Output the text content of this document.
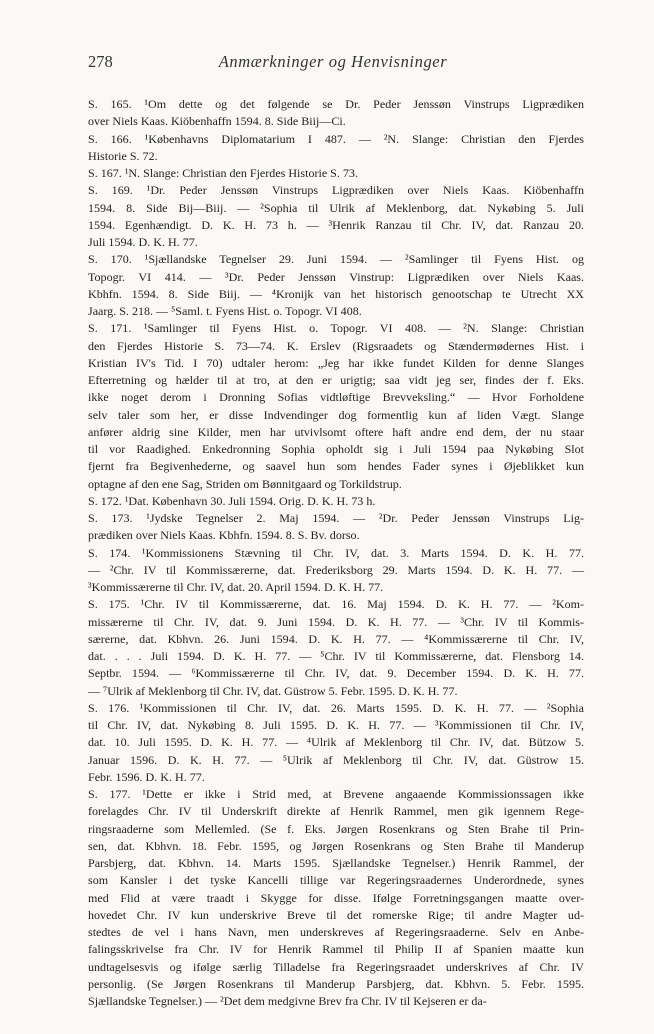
278	Anmærkninger og Henvisninger
S. 165. ¹Om dette og det følgende se Dr. Peder Jenssøn Vinstrups Ligprædiken
over Niels Kaas. Kiöbenhaffn 1594. 8. Side Biij—Ci.
S. 166. ¹Københavns Diplomatarium I 487. — ²N. Slange: Christian den Fjerdes
Historie S. 72.
S. 167. ¹N. Slange: Christian den Fjerdes Historie S. 73.
S. 169. ¹Dr. Peder Jenssøn Vinstrups Ligprædiken over Niels Kaas. Kiöbenhaffn
1594. 8. Side Bij—Biij. — ²Sophia til Ulrik af Meklenborg, dat. Nykøbing 5. Juli
1594. Egenhændigt. D. K. H. 73 h. — ³Henrik Ranzau til Chr. IV, dat. Ranzau 20.
Juli 1594. D. K. H. 77.
S. 170. ¹Sjællandske Tegnelser 29. Juni 1594. — ²Samlinger til Fyens Hist. og
Topogr. VI 414. — ³Dr. Peder Jenssøn Vinstrup: Ligprædiken over Niels Kaas.
Kbhfn. 1594. 8. Side Biij. — ⁴Kronijk van het historisch genootschap te Utrecht XX
Jaarg. S. 218. — ⁵Saml. t. Fyens Hist. o. Topogr. VI 408.
S. 171. ¹Samlinger til Fyens Hist. o. Topogr. VI 408. — ²N. Slange: Christian
den Fjerdes Historie S. 73—74. K. Erslev (Rigsraadets og Stændermødernes Hist. i
Kristian IV's Tid. I 70) udtaler herom: „Jeg har ikke fundet Kilden for denne Slanges
Efterretning og hælder til at tro, at den er urigtig; saa vidt jeg ser, findes der f. Eks.
ikke noget derom i Dronning Sofias vidtløftige Brevveksling.“ — Hvor Forholdene
selv taler som her, er disse Indvendinger dog formentlig kun af liden Vægt. Slange
anfører aldrig sine Kilder, men har utvivlsomt oftere haft andre end dem, der nu staar
til vor Raadighed. Enkedronning Sophia opholdt sig i Juli 1594 paa Nykøbing Slot
fjernt fra Begivenhederne, og saavel hun som hendes Fader synes i Øjeblikket kun
optagne af den ene Sag, Striden om Bønnitgaard og Torkildstrup.
S. 172. ¹Dat. København 30. Juli 1594. Orig. D. K. H. 73 h.
S. 173. ¹Jydske Tegnelser 2. Maj 1594. — ²Dr. Peder Jenssøn Vinstrups Lig-
prædiken over Niels Kaas. Kbhfn. 1594. 8. S. Bv. dorso.
S. 174. ¹Kommissionens Stævning til Chr. IV, dat. 3. Marts 1594. D. K. H. 77.
— ²Chr. IV til Kommissærerne, dat. Frederiksborg 29. Marts 1594. D. K. H. 77. —
³Kommissærerne til Chr. IV, dat. 20. April 1594. D. K. H. 77.
S. 175. ¹Chr. IV til Kommissærerne, dat. 16. Maj 1594. D. K. H. 77. — ²Kom-
missærerne til Chr. IV, dat. 9. Juni 1594. D. K. H. 77. — ³Chr. IV til Kommis-
særerne, dat. Kbhvn. 26. Juni 1594. D. K. H. 77. — ⁴Kommissærerne til Chr. IV,
dat. . . . Juli 1594. D. K. H. 77. — ⁵Chr. IV til Kommissærerne, dat. Flensborg 14.
Septbr. 1594. — ⁶Kommissærerne til Chr. IV, dat. 9. December 1594. D. K. H. 77.
— ⁷Ulrik af Meklenborg til Chr. IV, dat. Güstrow 5. Febr. 1595. D. K. H. 77.
S. 176. ¹Kommissionen til Chr. IV, dat. 26. Marts 1595. D. K. H. 77. — ²Sophia
til Chr. IV, dat. Nykøbing 8. Juli 1595. D. K. H. 77. — ³Kommissionen til Chr. IV,
dat. 10. Juli 1595. D. K. H. 77. — ⁴Ulrik af Meklenborg til Chr. IV, dat. Bützow 5.
Januar 1596. D. K. H. 77. — ⁵Ulrik af Meklenborg til Chr. IV, dat. Güstrow 15.
Febr. 1596. D. K. H. 77.
S. 177. ¹Dette er ikke i Strid med, at Brevene angaaende Kommissionssagen ikke
forelagdes Chr. IV til Underskrift direkte af Henrik Rammel, men gik igennem Rege-
ringsraaderne som Mellemled. (Se f. Eks. Jørgen Rosenkrans og Sten Brahe til Prin-
sen, dat. Kbhvn. 18. Febr. 1595, og Jørgen Rosenkrans og Sten Brahe til Manderup
Parsbjerg, dat. Kbhvn. 14. Marts 1595. Sjællandske Tegnelser.) Henrik Rammel, der
som Kansler i det tyske Kancelli tillige var Regeringsraadernes Underordnede, synes
med Flid at være traadt i Skygge for disse. Ifølge Forretningsgangen maatte over-
hovedet Chr. IV kun underskrive Breve til det romerske Rige; til andre Magter ud-
stedtes de vel i hans Navn, men underskreves af Regeringsraaderne. Selv en Anbe-
falingsskrivelse fra Chr. IV for Henrik Rammel til Philip II af Spanien maatte kun
undtagelsesvis og ifølge særlig Tilladelse fra Regeringsraadet underskrives af Chr. IV
personlig. (Se Jørgen Rosenkrans til Manderup Parsbjerg, dat. Kbhvn. 5. Febr. 1595.
Sjællandske Tegnelser.) — ²Det dem medgivne Brev fra Chr. IV til Kejseren er da-
